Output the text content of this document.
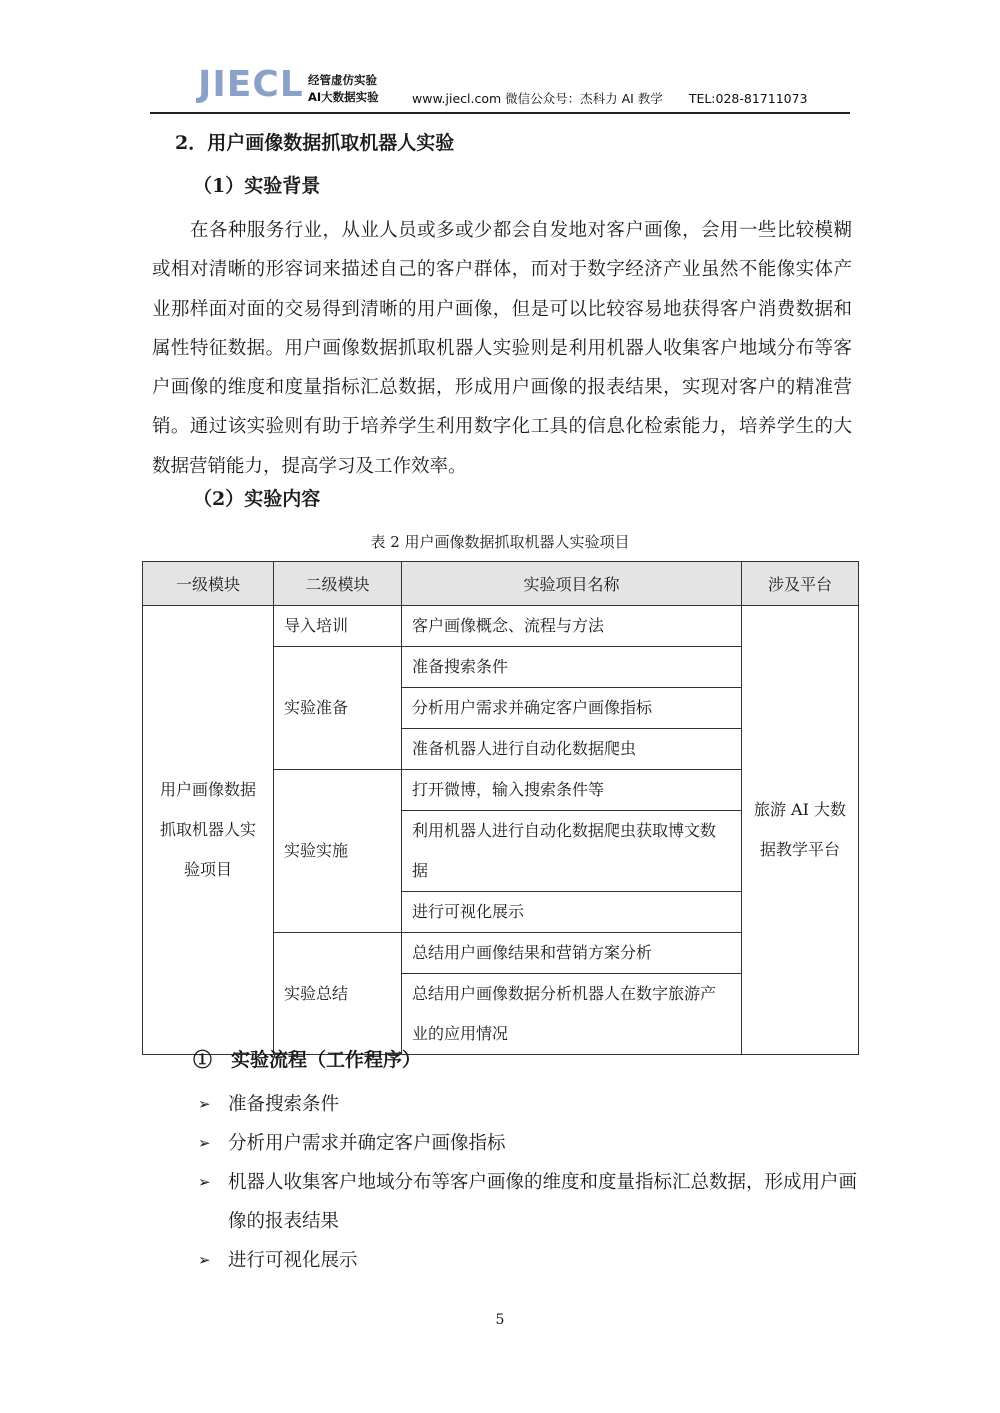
JIECL 经管虚仿实验
AI大数据实验	www.jiecl.com 微信公众号：杰科力 AI 教学 TEL:028-81711073
2．用户画像数据抓取机器人实验
（1）实验背景
在各种服务行业，从业人员或多或少都会自发地对客户画像，会用一些比较模糊或相对清晰的形容词来描述自己的客户群体，而对于数字经济产业虽然不能像实体产业那样面对面的交易得到清晰的用户画像，但是可以比较容易地获得客户消费数据和属性特征数据。用户画像数据抓取机器人实验则是利用机器人收集客户地域分布等客户画像的维度和度量指标汇总数据，形成用户画像的报表结果，实现对客户的精准营销。通过该实验则有助于培养学生利用数字化工具的信息化检索能力，培养学生的大数据营销能力，提高学习及工作效率。
（2）实验内容
表 2 用户画像数据抓取机器人实验项目
一级模块	二级模块	实验项目名称	涉及平台
用户画像数据抓取机器人实验项目	导入培训	客户画像概念、流程与方法	旅游 AI 大数据教学平台
	实验准备	准备搜索条件	
		分析用户需求并确定客户画像指标	
		准备机器人进行自动化数据爬虫	
	实验实施	打开微博，输入搜索条件等	
		利用机器人进行自动化数据爬虫获取博文数据	
		进行可视化展示	
	实验总结	总结用户画像结果和营销方案分析	
		总结用户画像数据分析机器人在数字旅游产业的应用情况	
①　实验流程（工作程序）
➢ 准备搜索条件
➢ 分析用户需求并确定客户画像指标
➢ 机器人收集客户地域分布等客户画像的维度和度量指标汇总数据，形成用户画像的报表结果
➢ 进行可视化展示
5
